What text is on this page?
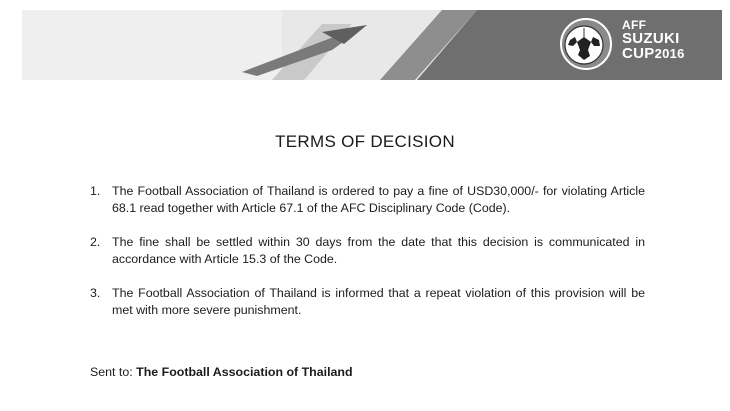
AFF
SUZUKI
CUP2016
TERMS OF DECISION
1. The Football Association of Thailand is ordered to pay a fine of USD30,000/- for violating Article 68.1 read together with Article 67.1 of the AFC Disciplinary Code (Code).
2. The fine shall be settled within 30 days from the date that this decision is communicated in accordance with Article 15.3 of the Code.
3. The Football Association of Thailand is informed that a repeat violation of this provision will be met with more severe punishment.
Sent to: The Football Association of Thailand
